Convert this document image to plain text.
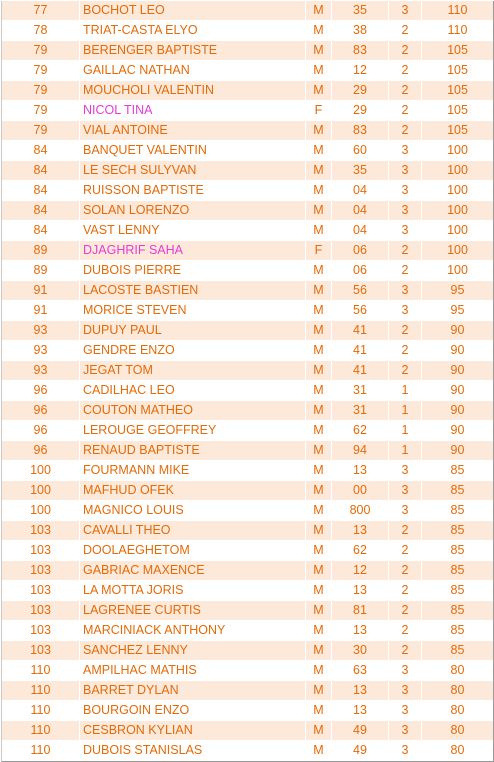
77	BOCHOT LEO	M	35	3	110
78	TRIAT-CASTA ELYO	M	38	2	110
79	BERENGER BAPTISTE	M	83	2	105
79	GAILLAC NATHAN	M	12	2	105
79	MOUCHOLI VALENTIN	M	29	2	105
79	NICOL TINA	F	29	2	105
79	VIAL ANTOINE	M	83	2	105
84	BANQUET VALENTIN	M	60	3	100
84	LE SECH SULYVAN	M	35	3	100
84	RUISSON BAPTISTE	M	04	3	100
84	SOLAN LORENZO	M	04	3	100
84	VAST LENNY	M	04	3	100
89	DJAGHRIF SAHA	F	06	2	100
89	DUBOIS PIERRE	M	06	2	100
91	LACOSTE BASTIEN	M	56	3	95
91	MORICE STEVEN	M	56	3	95
93	DUPUY PAUL	M	41	2	90
93	GENDRE ENZO	M	41	2	90
93	JEGAT TOM	M	41	2	90
96	CADILHAC LEO	M	31	1	90
96	COUTON MATHEO	M	31	1	90
96	LEROUGE GEOFFREY	M	62	1	90
96	RENAUD BAPTISTE	M	94	1	90
100	FOURMANN MIKE	M	13	3	85
100	MAFHUD OFEK	M	00	3	85
100	MAGNICO LOUIS	M	800	3	85
103	CAVALLI THEO	M	13	2	85
103	DOOLAEGHETOM	M	62	2	85
103	GABRIAC MAXENCE	M	12	2	85
103	LA MOTTA JORIS	M	13	2	85
103	LAGRENEE CURTIS	M	81	2	85
103	MARCINIACK ANTHONY	M	13	2	85
103	SANCHEZ LENNY	M	30	2	85
110	AMPILHAC MATHIS	M	63	3	80
110	BARRET DYLAN	M	13	3	80
110	BOURGOIN ENZO	M	13	3	80
110	CESBRON KYLIAN	M	49	3	80
110	DUBOIS STANISLAS	M	49	3	80
